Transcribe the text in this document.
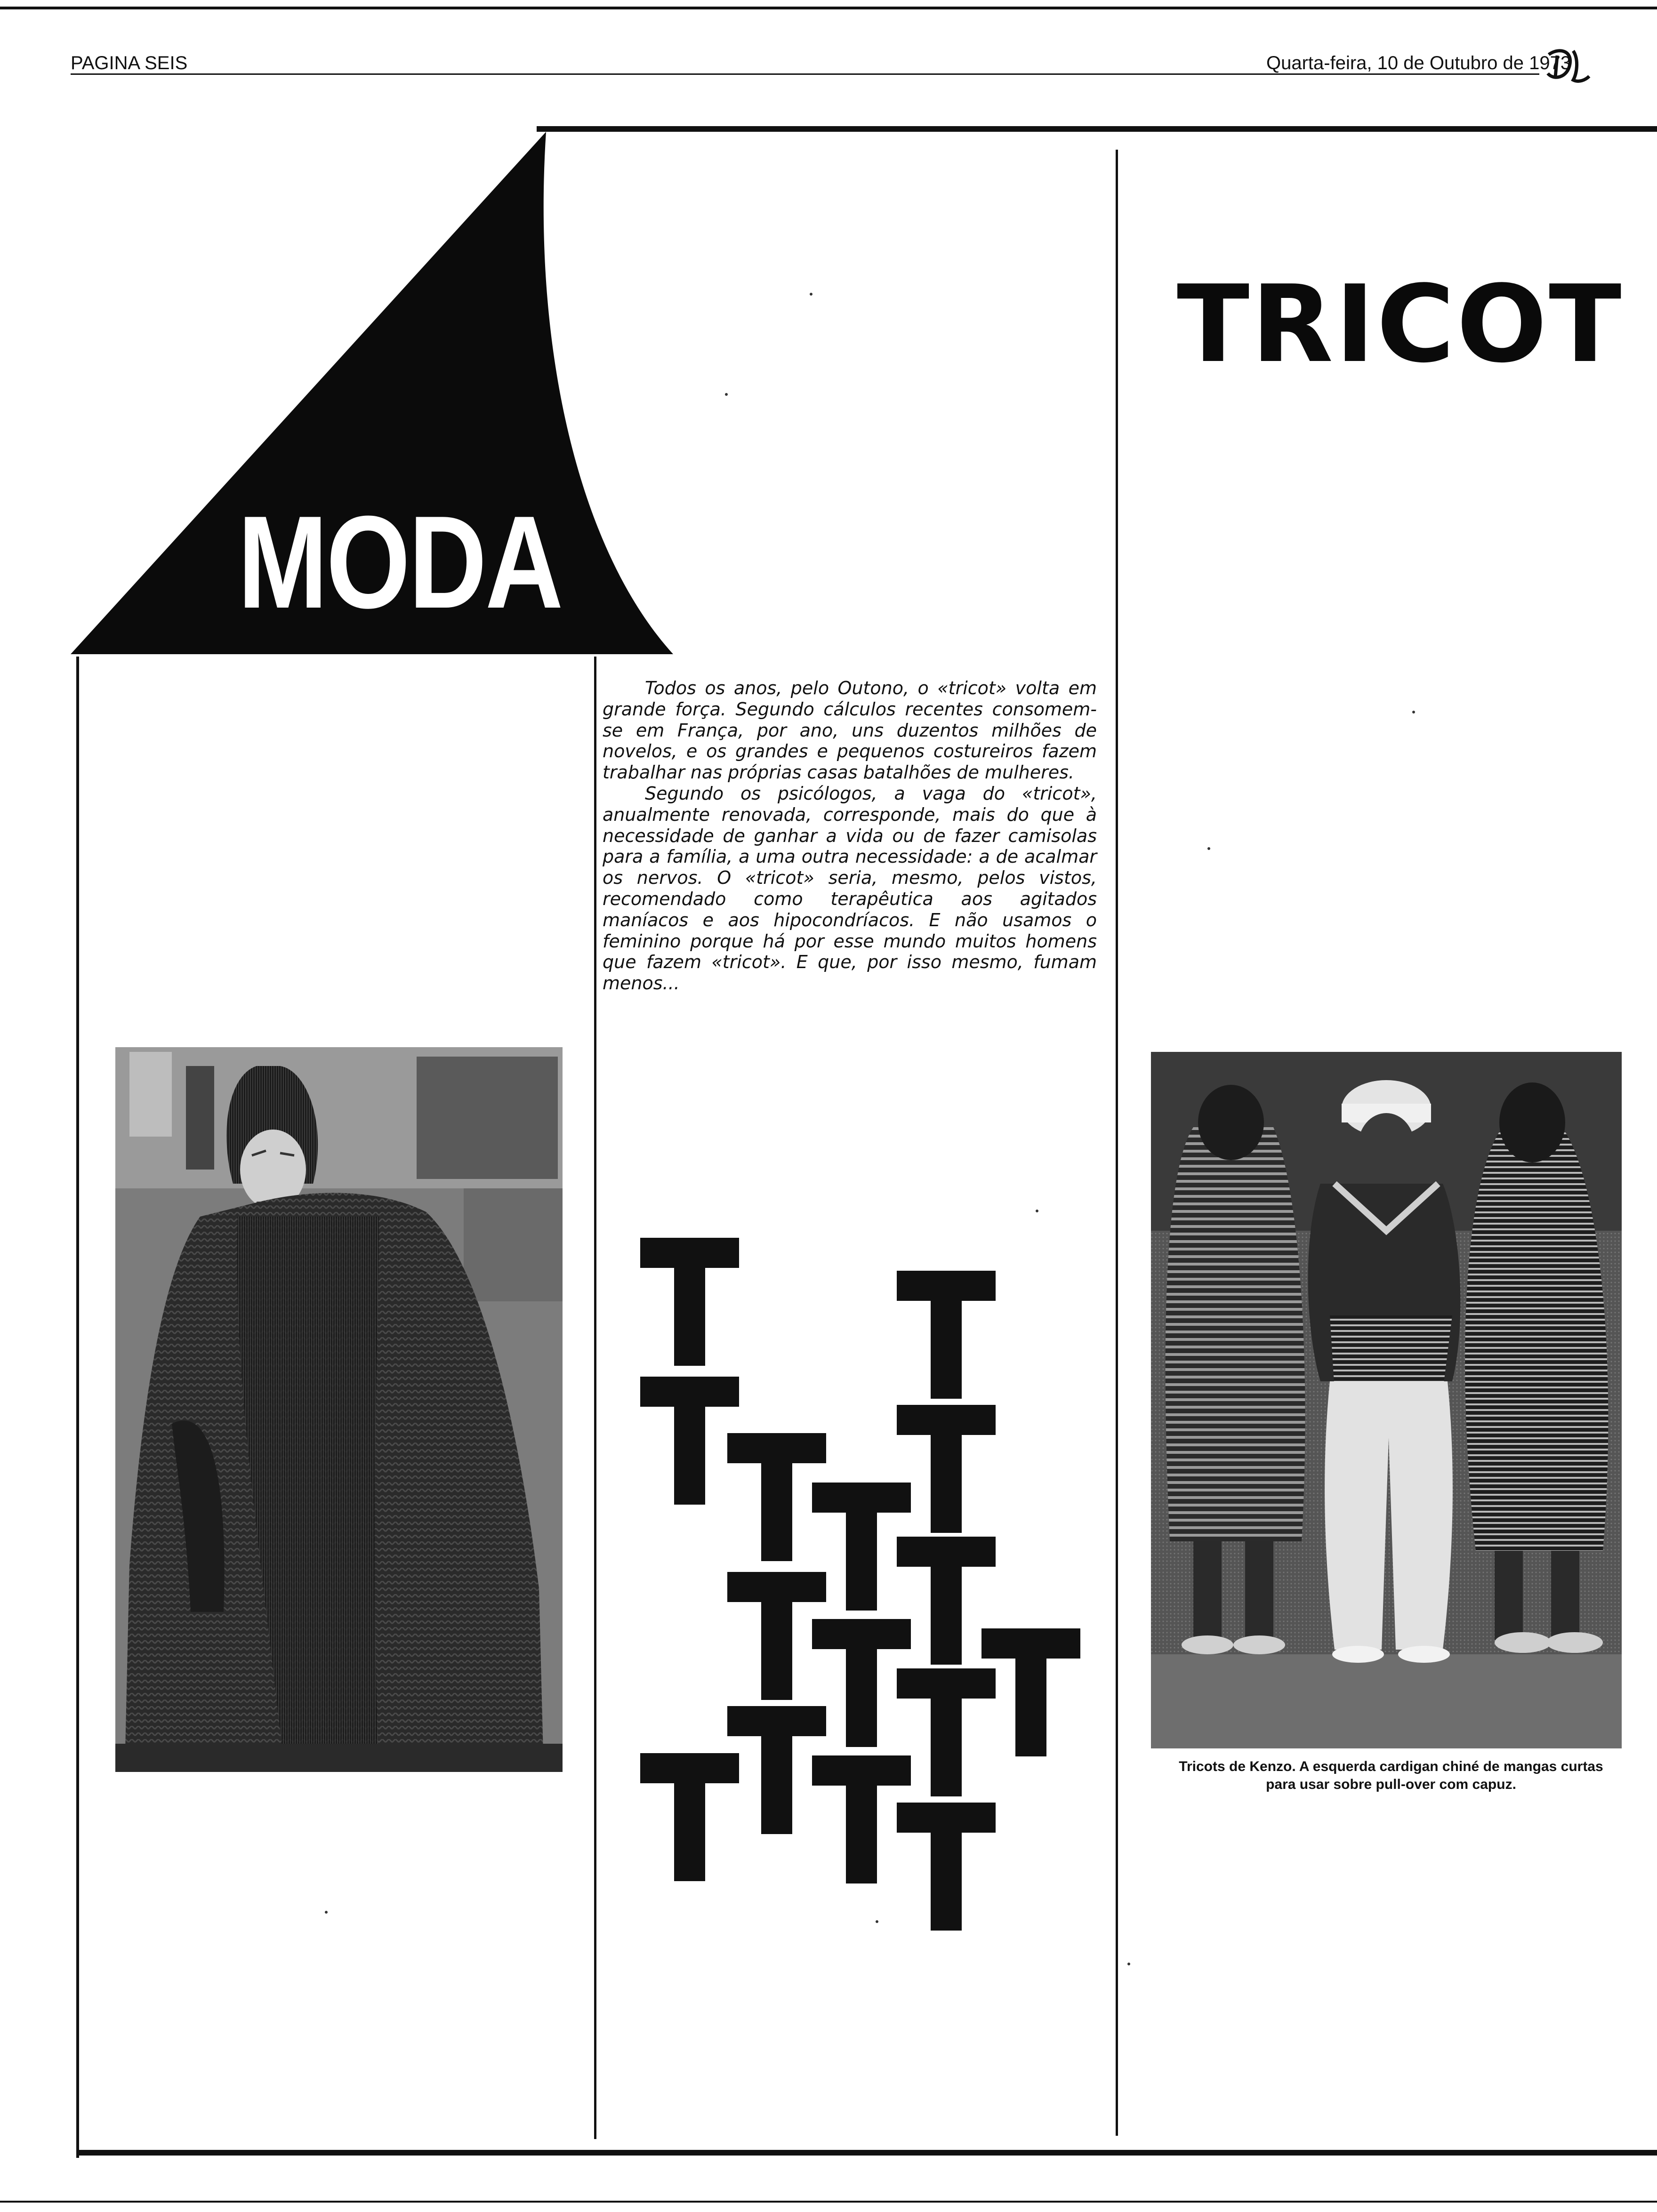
PAGINA SEIS	Quarta-feira, 10 de Outubro de 1973
MODA
TRICOT

Todos os anos, pelo Outono, o «tricot» volta em grande força. Segundo cálculos recentes consomem-se em França, por ano, uns duzentos milhões de novelos, e os grandes e pequenos costureiros fazem trabalhar nas próprias casas batalhões de mulheres.

Segundo os psicólogos, a vaga do «tricot», anualmente renovada, corresponde, mais do que à necessidade de ganhar a vida ou de fazer camisolas para a família, a uma outra necessidade: a de acalmar os nervos. O «tricot» seria, mesmo, pelos vistos, recomendado como terapêutica aos agitados maníacos e aos hipocondríacos. E não usamos o feminino porque há por esse mundo muitos homens que fazem «tricot». E que, por isso mesmo, fumam menos...

Tricots de Kenzo. A esquerda cardigan chiné de mangas curtas
para usar sobre pull-over com capuz.
